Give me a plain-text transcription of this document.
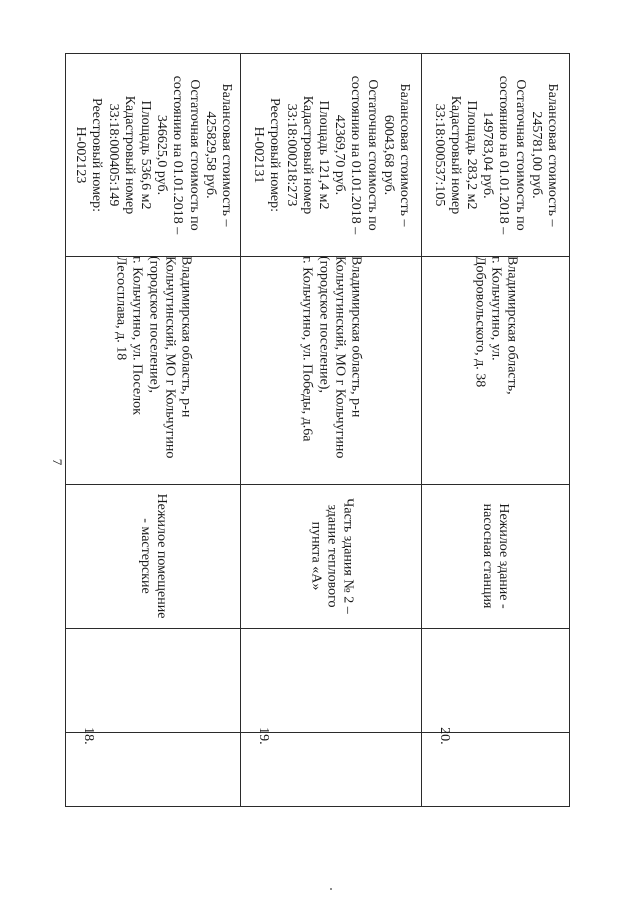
7
18.
Нежилое помещение
- мастерские
Владимирская область, р-н
Кольчугинский, МО г Кольчугино
(городское поселение),
г. Кольчугино, ул. Поселок
Лесосплава, д. 18
Балансовая стоимость –
425829,58 руб.
Остаточная стоимость по
состоянию на 01.01.2018 –
346625,0 руб.
Площадь 536,6 м2
Кадастровый номер
33:18:000405:149
Реестровый номер:
Н-002123
19.
Часть здания № 2 –
здание теплового
пункта «А»
Владимирская область, р-н
Кольчугинский, МО г Кольчугино
(городское поселение),
г. Кольчугино, ул. Победы, д.6а
Балансовая стоимость –
60043,68 руб.
Остаточная стоимость по
состоянию на 01.01.2018 –
42369,70 руб.
Площадь 121,4 м2
Кадастровый номер
33:18:000218:273
Реестровый номер:
Н-002131
20.
Нежилое здание -
насосная станция
Владимирская область,
г. Кольчугино, ул.
Добровольского, д. 38
Балансовая стоимость –
245781,00 руб.
Остаточная стоимость по
состоянию на 01.01.2018 –
149783,04 руб.
Площадь 283,2 м2
Кадастровый номер
33:18:000537:105
